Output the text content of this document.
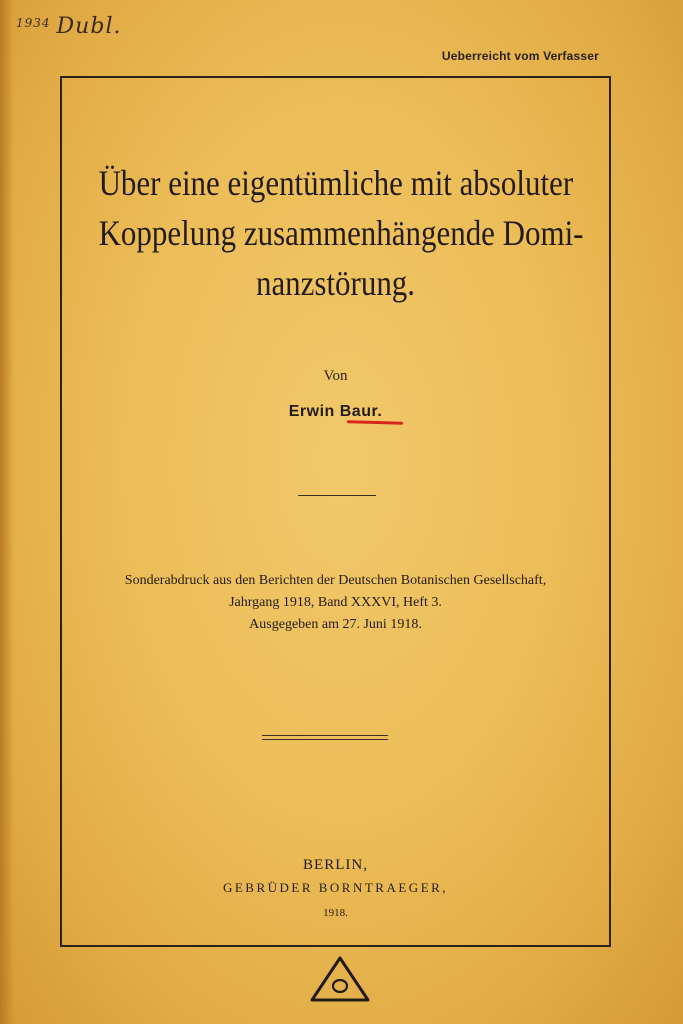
$^{1934}$ Dubl.
Ueberreicht vom Verfasser
Über eine eigentümliche mit absoluter
Koppelung zusammenhängende Domi-
nanzstörung.
Von
Erwin Baur.
Sonderabdruck aus den Berichten der Deutschen Botanischen Gesellschaft,
Jahrgang 1918, Band XXXVI, Heft 3.
Ausgegeben am 27. Juni 1918.
BERLIN,
GEBRÜDER BORNTRAEGER,
1918.
